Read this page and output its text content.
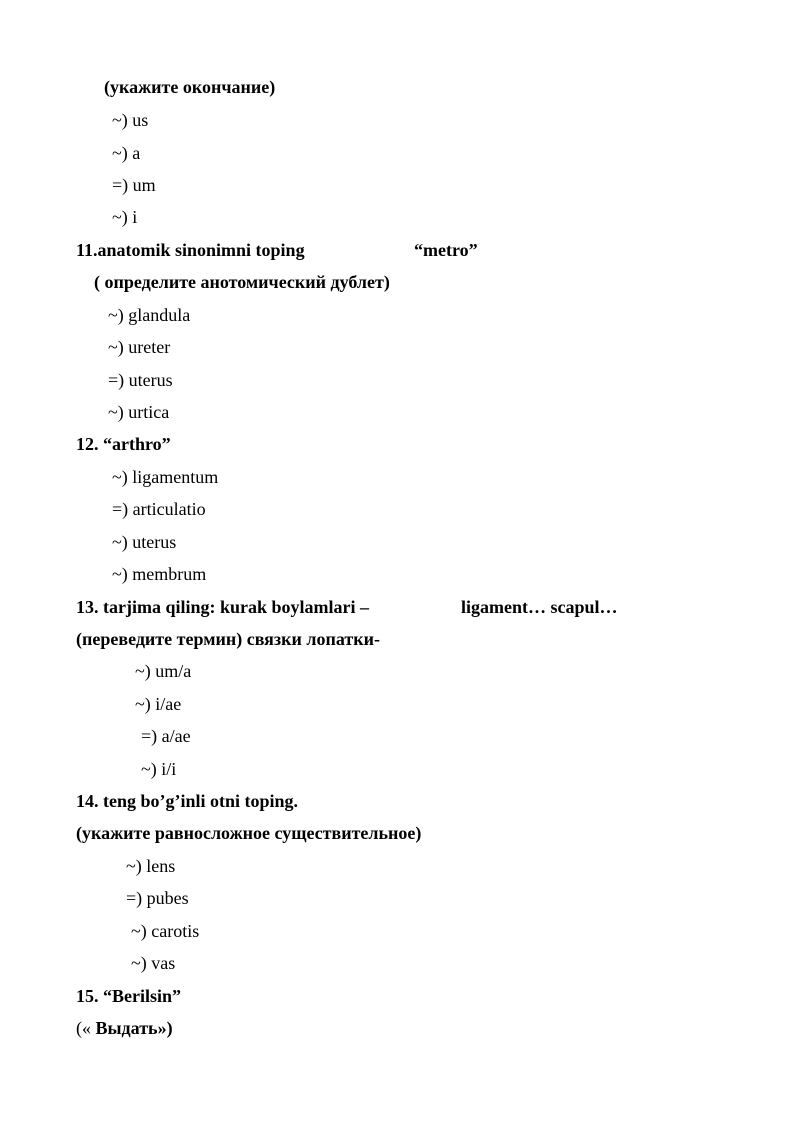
(укажите окончание)
~) us
~) a
=) um
~) i
11.anatomik sinonimni toping	“metro”
( определите анотомический дублет)
~) glandula
~) ureter
=) uterus
~) urtica
12. “arthro”
~) ligamentum
=) articulatio
~) uterus
~) membrum
13. tarjima qiling: kurak boylamlari –	ligament… scapul…
(переведите термин) связки лопатки-
~) um/a
~) i/ae
=) a/ae
~) i/i
14. teng bo’g’inli otni toping.
(укажите равносложное существительное)
~) lens
=) pubes
~) carotis
~) vas
15. “Berilsin”
(« Выдать»)
